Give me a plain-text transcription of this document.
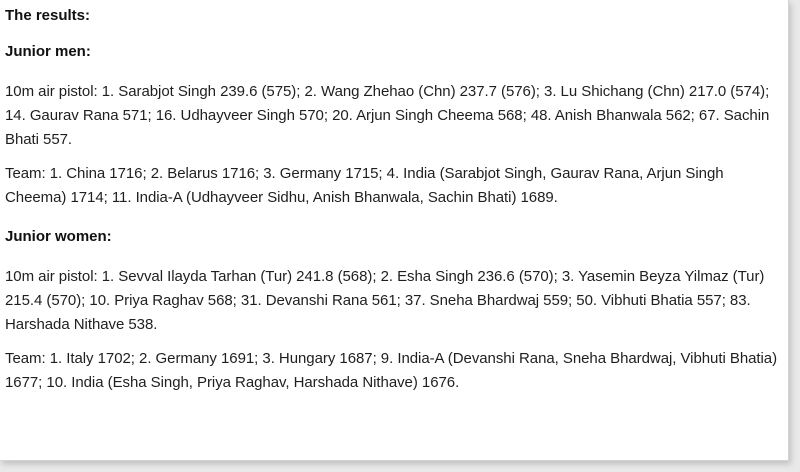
The results:
Junior men:

10m air pistol: 1. Sarabjot Singh 239.6 (575); 2. Wang Zhehao (Chn) 237.7 (576); 3. Lu Shichang (Chn) 217.0 (574); 14. Gaurav Rana 571; 16. Udhayveer Singh 570; 20. Arjun Singh Cheema 568; 48. Anish Bhanwala 562; 67. Sachin Bhati 557.

Team: 1. China 1716; 2. Belarus 1716; 3. Germany 1715; 4. India (Sarabjot Singh, Gaurav Rana, Arjun Singh Cheema) 1714; 11. India-A (Udhayveer Sidhu, Anish Bhanwala, Sachin Bhati) 1689.

Junior women:

10m air pistol: 1. Sevval Ilayda Tarhan (Tur) 241.8 (568); 2. Esha Singh 236.6 (570); 3. Yasemin Beyza Yilmaz (Tur) 215.4 (570); 10. Priya Raghav 568; 31. Devanshi Rana 561; 37. Sneha Bhardwaj 559; 50. Vibhuti Bhatia 557; 83. Harshada Nithave 538.

Team: 1. Italy 1702; 2. Germany 1691; 3. Hungary 1687; 9. India-A (Devanshi Rana, Sneha Bhardwaj, Vibhuti Bhatia) 1677; 10. India (Esha Singh, Priya Raghav, Harshada Nithave) 1676.
